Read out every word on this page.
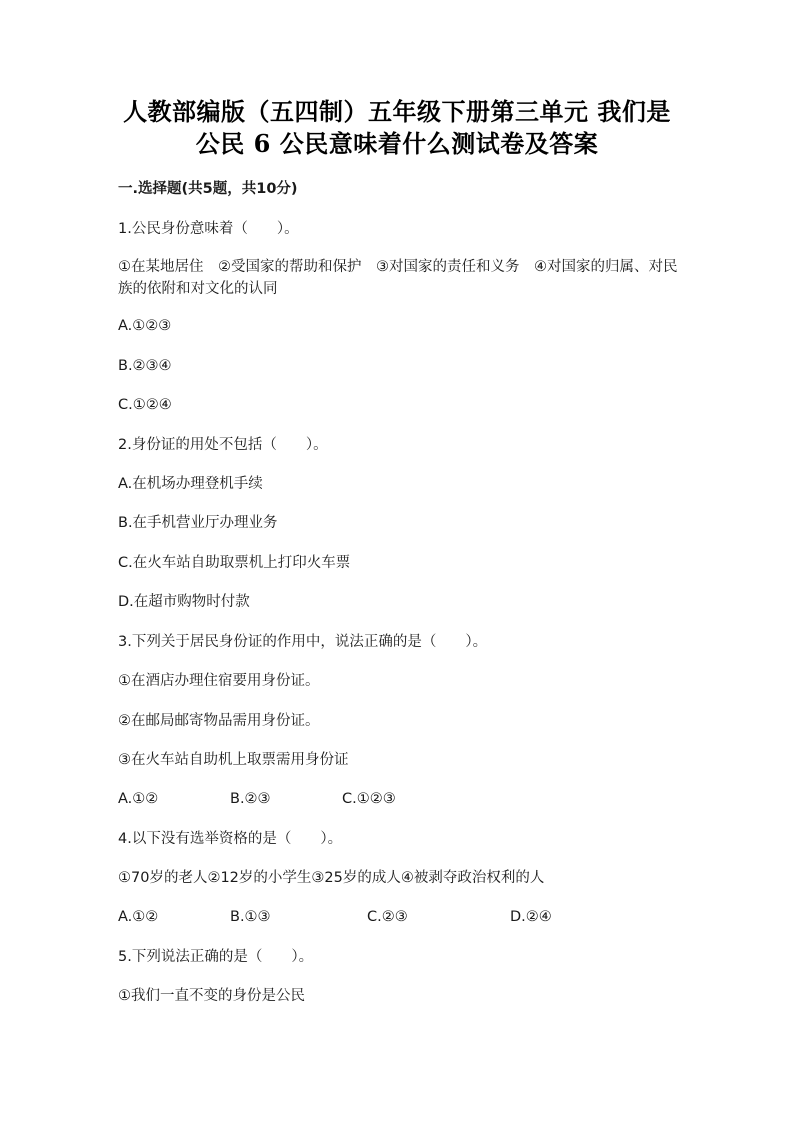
人教部编版（五四制）五年级下册第三单元 我们是
公民 6 公民意味着什么测试卷及答案
一.选择题(共5题，共10分)
1.公民身份意味着（　　）。
①在某地居住　②受国家的帮助和保护　③对国家的责任和义务　④对国家的归属、对民族的依附和对文化的认同
A.①②③
B.②③④
C.①②④
2.身份证的用处不包括（　　）。
A.在机场办理登机手续
B.在手机营业厅办理业务
C.在火车站自助取票机上打印火车票
D.在超市购物时付款
3.下列关于居民身份证的作用中，说法正确的是（　　）。
①在酒店办理住宿要用身份证。
②在邮局邮寄物品需用身份证。
③在火车站自助机上取票需用身份证
A.①②	B.②③	C.①②③
4.以下没有选举资格的是（　　）。
①70岁的老人②12岁的小学生③25岁的成人④被剥夺政治权利的人
A.①②	B.①③	C.②③	D.②④
5.下列说法正确的是（　　）。
①我们一直不变的身份是公民
